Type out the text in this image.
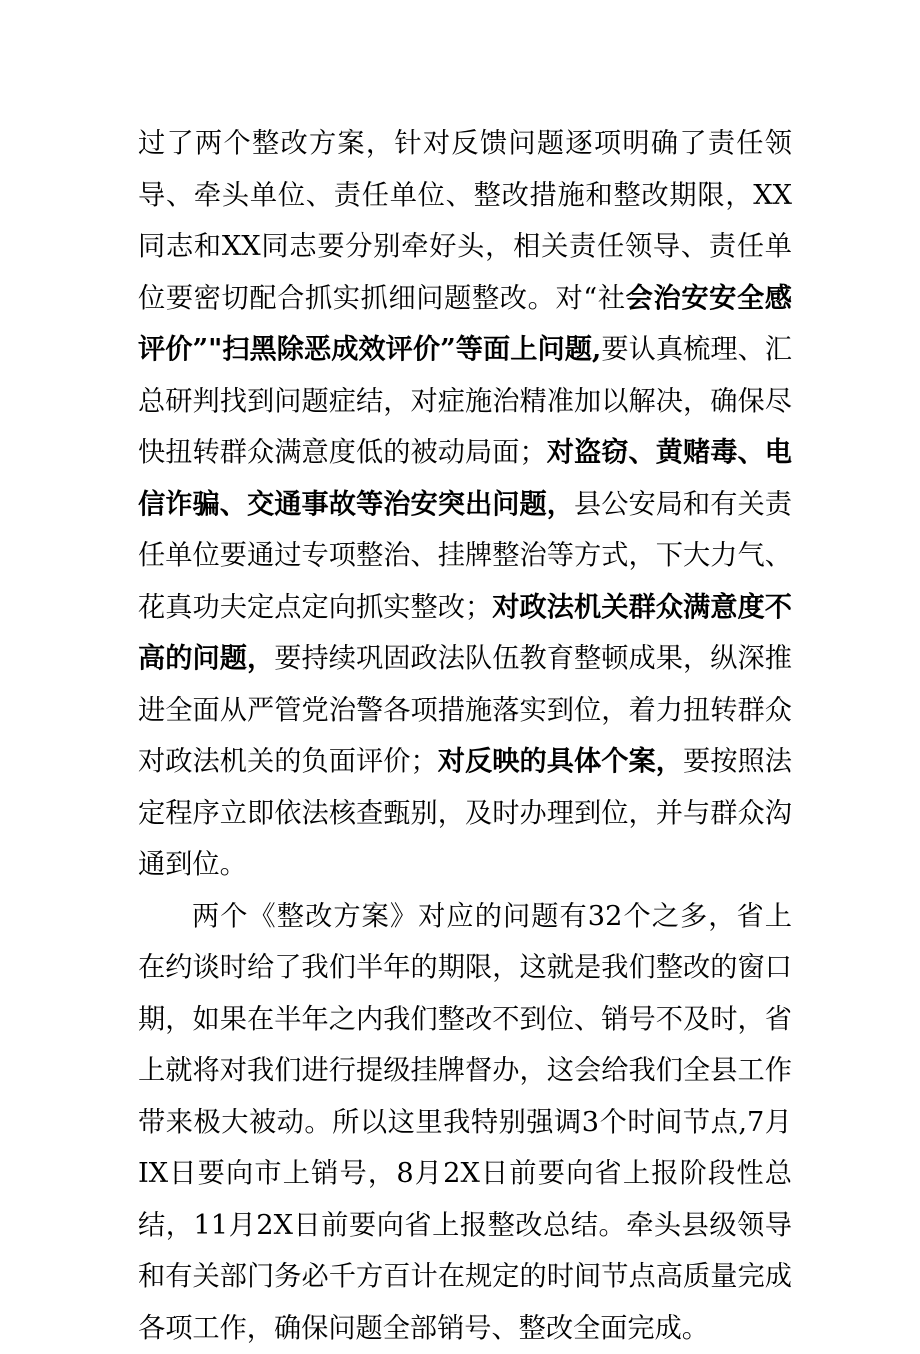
过了两个整改方案，针对反馈问题逐项明确了责任领导、牵头单位、责任单位、整改措施和整改期限，XX同志和XX同志要分别牵好头，相关责任领导、责任单位要密切配合抓实抓细问题整改。对“社会治安安全感评价”"扫黑除恶成效评价”等面上问题,要认真梳理、汇总研判找到问题症结，对症施治精准加以解决，确保尽快扭转群众满意度低的被动局面；对盗窃、黄赌毒、电信诈骗、交通事故等治安突出问题，县公安局和有关责任单位要通过专项整治、挂牌整治等方式，下大力气、花真功夫定点定向抓实整改；对政法机关群众满意度不高的问题，要持续巩固政法队伍教育整顿成果，纵深推进全面从严管党治警各项措施落实到位，着力扭转群众对政法机关的负面评价；对反映的具体个案，要按照法定程序立即依法核查甄别，及时办理到位，并与群众沟通到位。

两个《整改方案》对应的问题有32个之多，省上在约谈时给了我们半年的期限，这就是我们整改的窗口期，如果在半年之内我们整改不到位、销号不及时，省上就将对我们进行提级挂牌督办，这会给我们全县工作带来极大被动。所以这里我特别强调3个时间节点,7月IX日要向市上销号，8月2X日前要向省上报阶段性总结，11月2X日前要向省上报整改总结。牵头县级领导和有关部门务必千方百计在规定的时间节点高质量完成各项工作，确保问题全部销号、整改全面完成。
